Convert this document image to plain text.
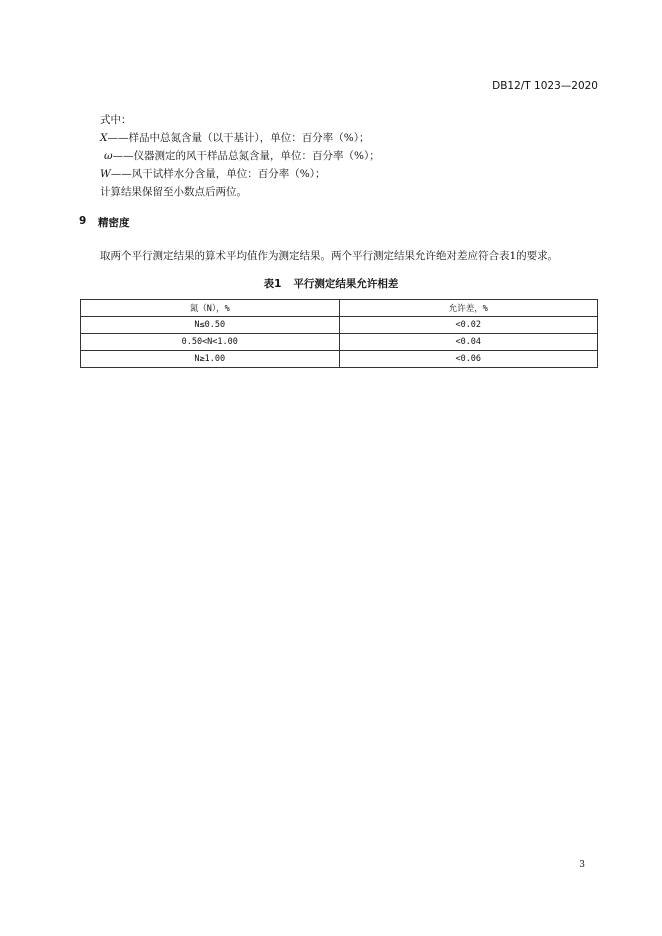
DB12/T 1023—2020
式中：
X——样品中总氮含量（以干基计），单位：百分率（%）；
ω——仪器测定的风干样品总氮含量，单位：百分率（%）；
W——风干试样水分含量，单位：百分率（%）；
计算结果保留至小数点后两位。
9 精密度
取两个平行测定结果的算术平均值作为测定结果。两个平行测定结果允许绝对差应符合表1的要求。
表1 平行测定结果允许相差
氮（N），%	允许差，%
N≤0.50	<0.02
0.50<N<1.00	<0.04
N≥1.00	<0.06
3
